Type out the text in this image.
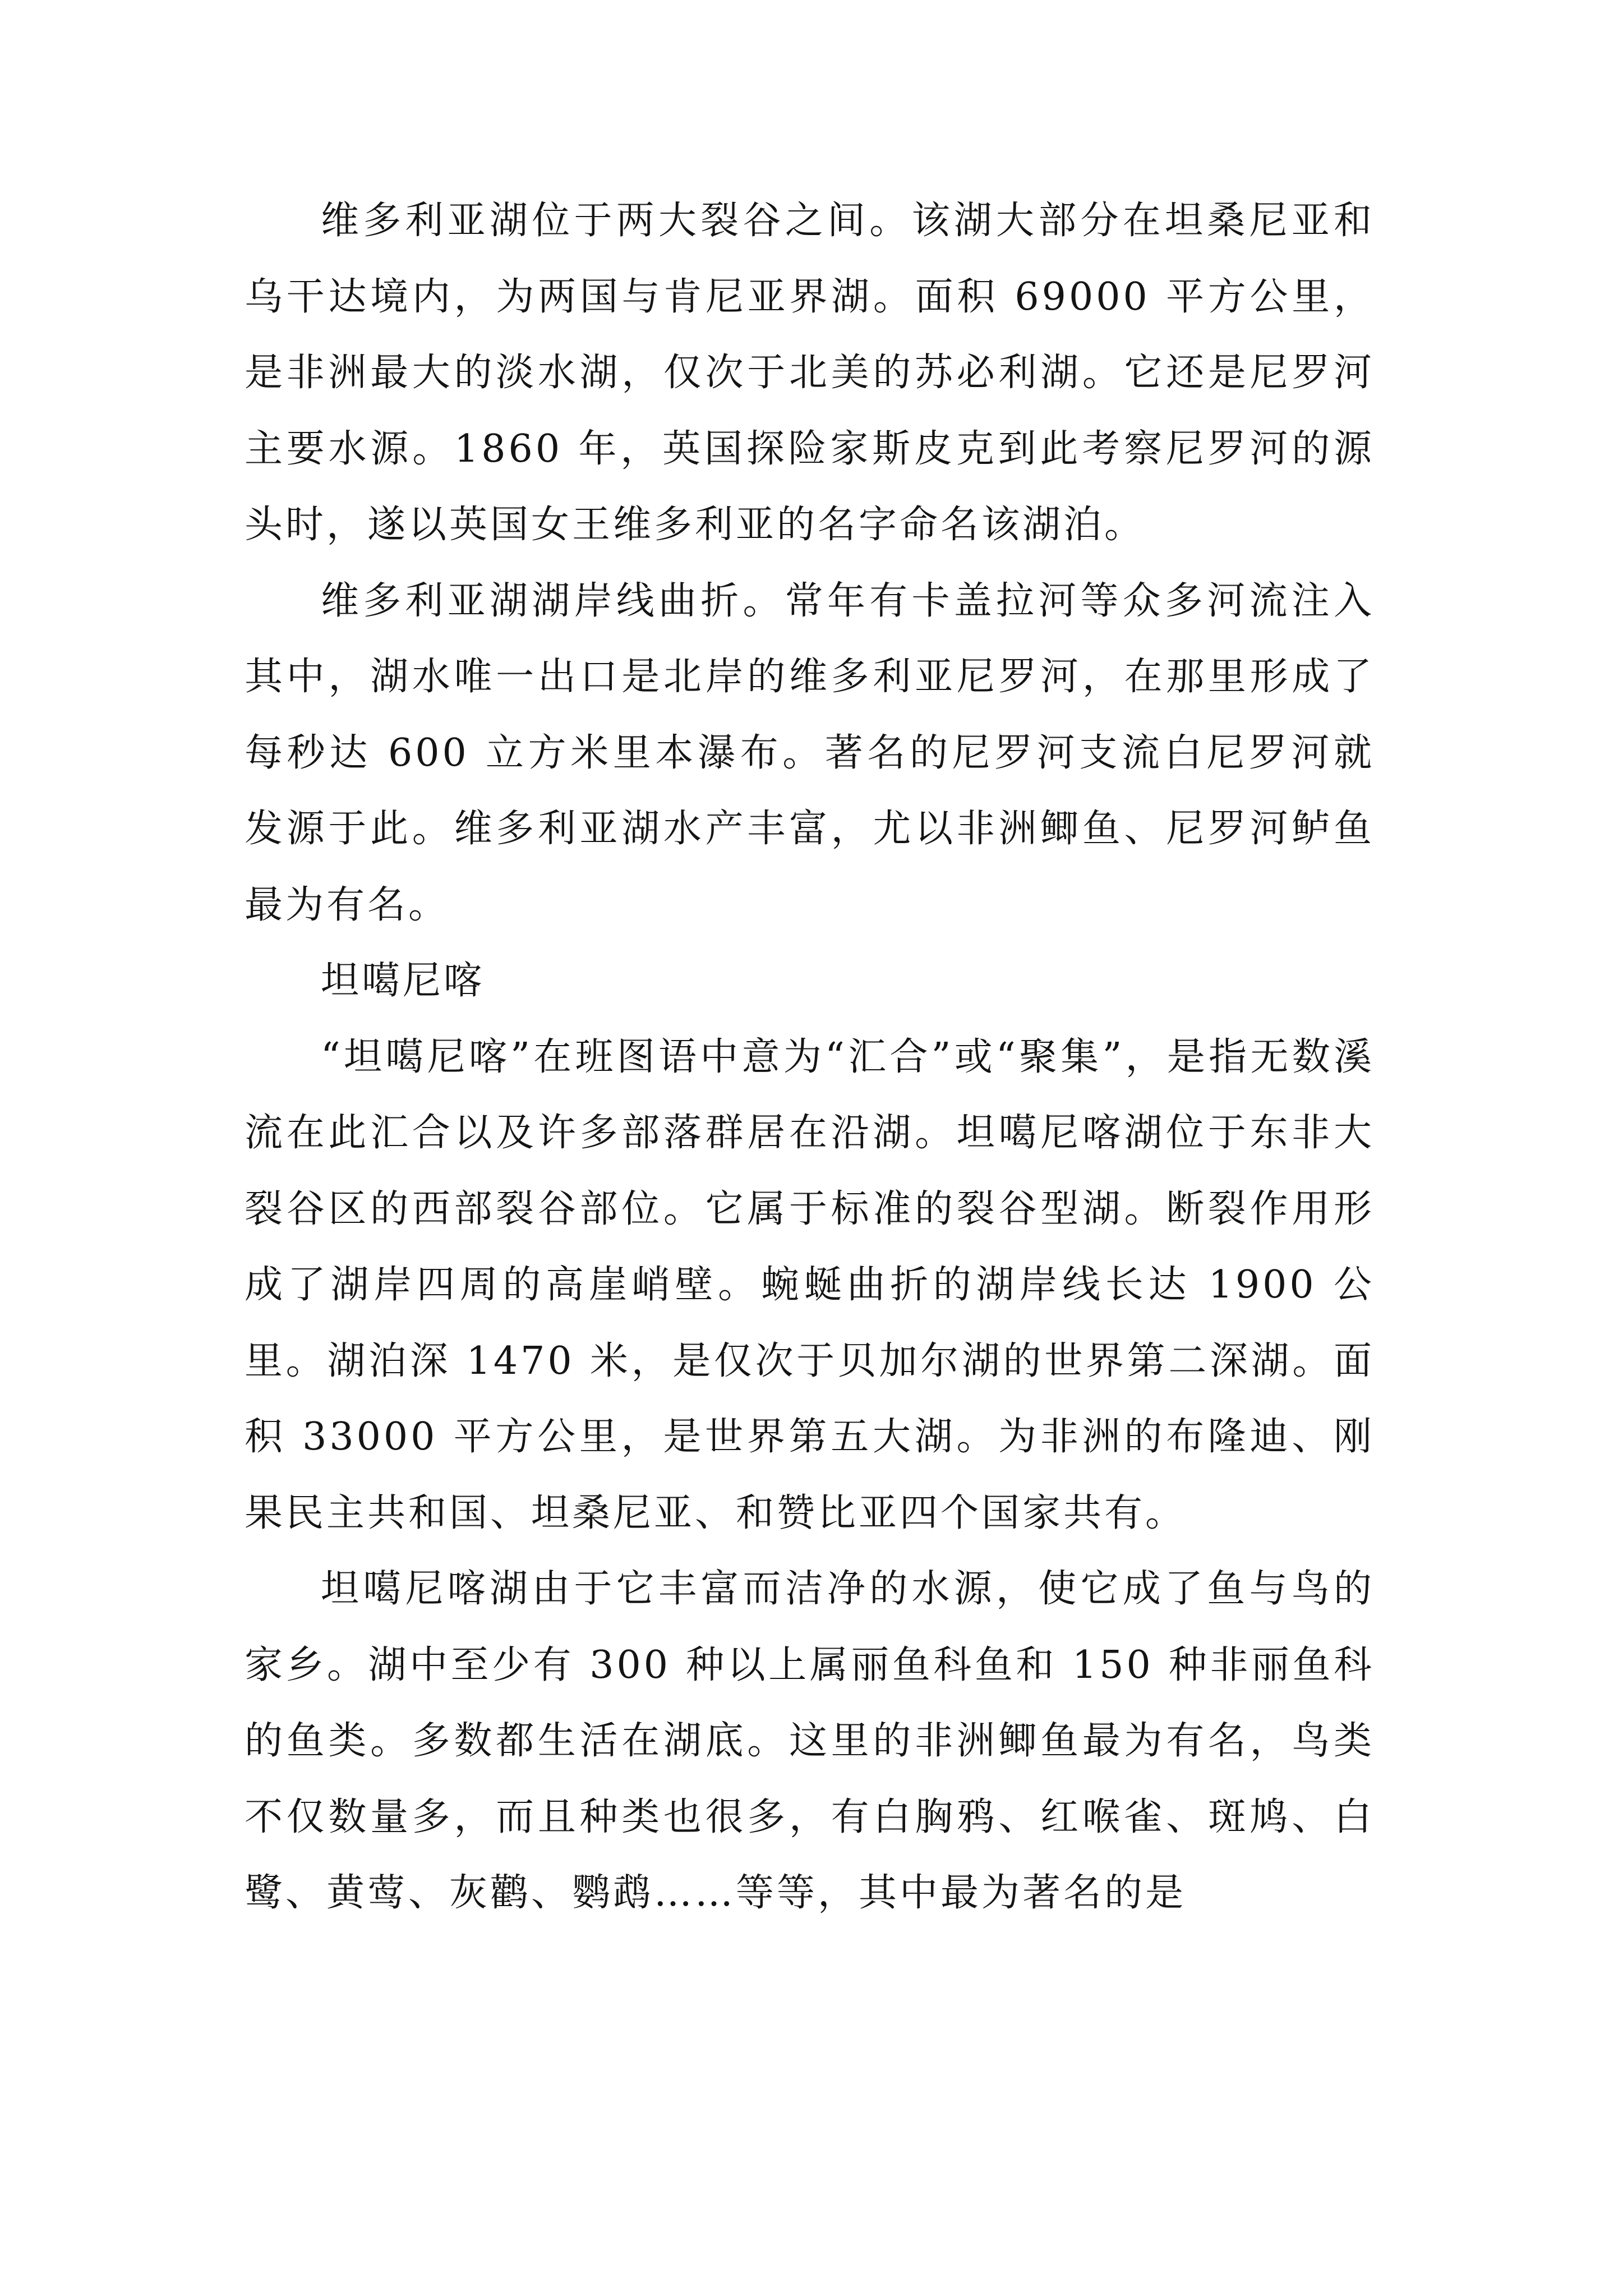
维多利亚湖位于两大裂谷之间。该湖大部分在坦桑尼亚和乌干达境内，为两国与肯尼亚界湖。面积 69000 平方公里，是非洲最大的淡水湖，仅次于北美的苏必利湖。它还是尼罗河主要水源。1860 年，英国探险家斯皮克到此考察尼罗河的源头时，遂以英国女王维多利亚的名字命名该湖泊。

维多利亚湖湖岸线曲折。常年有卡盖拉河等众多河流注入其中，湖水唯一出口是北岸的维多利亚尼罗河，在那里形成了每秒达 600 立方米里本瀑布。著名的尼罗河支流白尼罗河就发源于此。维多利亚湖水产丰富，尤以非洲鲫鱼、尼罗河鲈鱼最为有名。

坦噶尼喀

“坦噶尼喀”在班图语中意为“汇合”或“聚集”，是指无数溪流在此汇合以及许多部落群居在沿湖。坦噶尼喀湖位于东非大裂谷区的西部裂谷部位。它属于标准的裂谷型湖。断裂作用形成了湖岸四周的高崖峭壁。蜿蜒曲折的湖岸线长达 1900 公里。湖泊深 1470 米，是仅次于贝加尔湖的世界第二深湖。面积 33000 平方公里，是世界第五大湖。为非洲的布隆迪、刚果民主共和国、坦桑尼亚、和赞比亚四个国家共有。

坦噶尼喀湖由于它丰富而洁净的水源，使它成了鱼与鸟的家乡。湖中至少有 300 种以上属丽鱼科鱼和 150 种非丽鱼科的鱼类。多数都生活在湖底。这里的非洲鲫鱼最为有名，鸟类不仅数量多，而且种类也很多，有白胸鸦、红喉雀、斑鸠、白鹭、黄莺、灰鹳、鹦鹉……等等，其中最为著名的是
